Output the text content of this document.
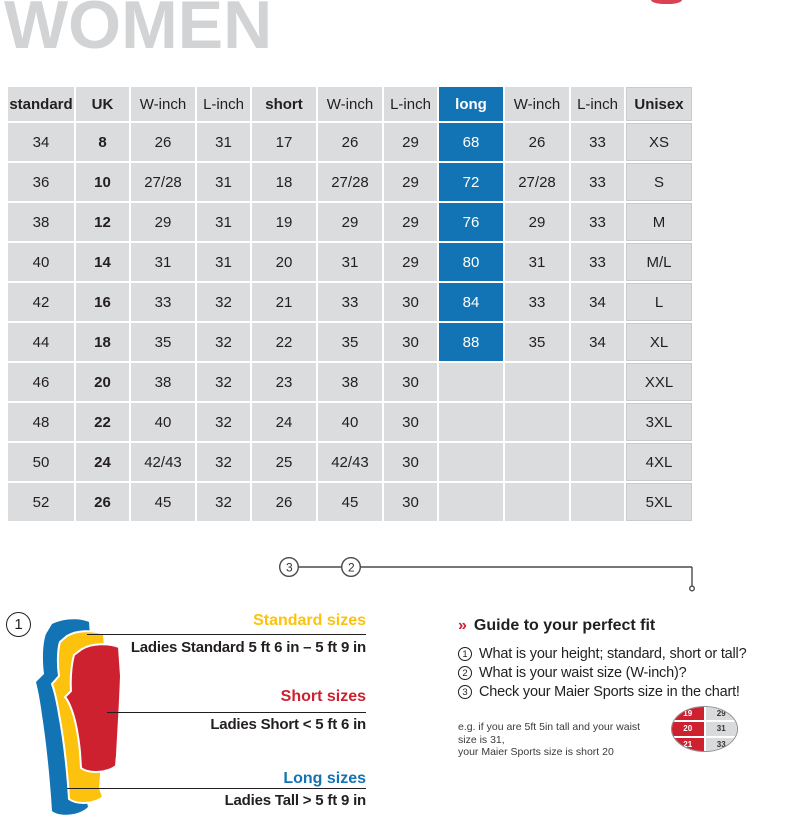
WOMEN
standard	UK	W-inch	L-inch	short	W-inch	L-inch	long	W-inch	L-inch	Unisex
34	8	26	31	17	26	29	68	26	33	XS
36	10	27/28	31	18	27/28	29	72	27/28	33	S
38	12	29	31	19	29	29	76	29	33	M
40	14	31	31	20	31	29	80	31	33	M/L
42	16	33	32	21	33	30	84	33	34	L
44	18	35	32	22	35	30	88	35	34	XL
46	20	38	32	23	38	30				XXL
48	22	40	32	24	40	30				3XL
50	24	42/43	32	25	42/43	30				4XL
52	26	45	32	26	45	30				5XL
3	2
1	Standard sizes
Ladies Standard 5 ft 6 in – 5 ft 9 in
Short sizes
Ladies Short < 5 ft 6 in
Long sizes
Ladies Tall > 5 ft 9 in
» Guide to your perfect fit
1 What is your height; standard, short or tall?
2 What is your waist size (W-inch)?
3 Check your Maier Sports size in the chart!
e.g. if you are 5ft 5in tall and your waist size is 31,
your Maier Sports size is short 20
19	29
20	31
21	33
